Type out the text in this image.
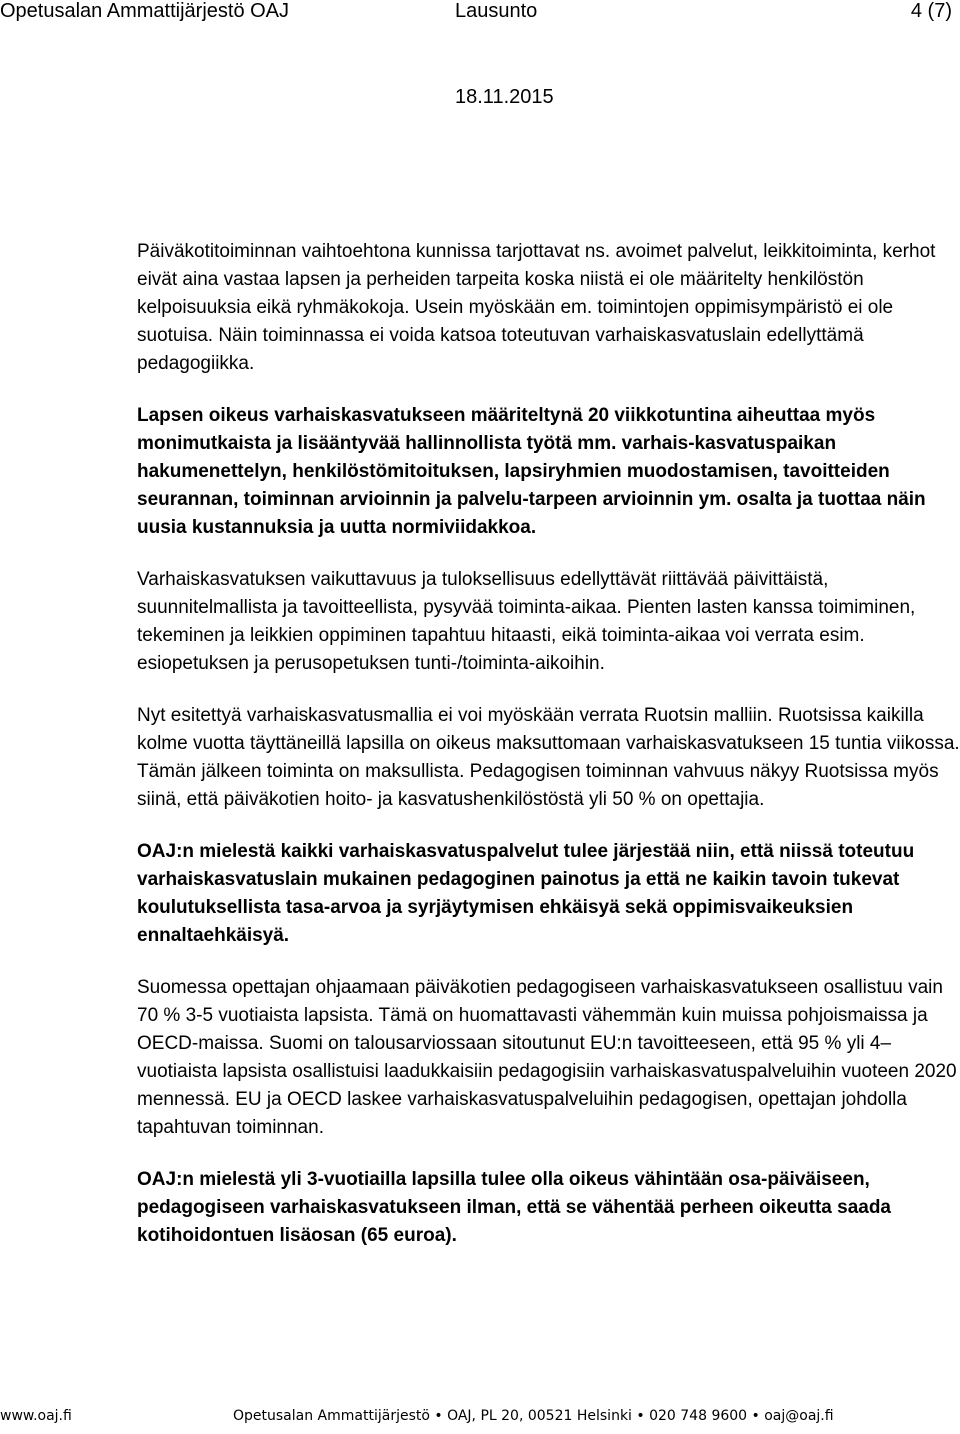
Opetusalan Ammattijärjestö OAJ	Lausunto	4 (7)
18.11.2015

Päiväkotitoiminnan vaihtoehtona kunnissa tarjottavat ns. avoimet palvelut, leikkitoiminta, kerhot eivät aina vastaa lapsen ja perheiden tarpeita koska niistä ei ole määritelty henkilöstön kelpoisuuksia eikä ryhmäkokoja. Usein myöskään em. toimintojen oppimisympäristö ei ole suotuisa. Näin toiminnassa ei voida katsoa toteutuvan varhaiskasvatuslain edellyttämä pedagogiikka.

Lapsen oikeus varhaiskasvatukseen määriteltynä 20 viikkotuntina aiheuttaa myös monimutkaista ja lisääntyvää hallinnollista työtä mm. varhais-kasvatuspaikan hakumenettelyn, henkilöstömitoituksen, lapsiryhmien muodostamisen, tavoitteiden seurannan, toiminnan arvioinnin ja palvelu-tarpeen arvioinnin ym. osalta ja tuottaa näin uusia kustannuksia ja uutta normiviidakkoa.

Varhaiskasvatuksen vaikuttavuus ja tuloksellisuus edellyttävät riittävää päivittäistä, suunnitelmallista ja tavoitteellista, pysyvää toiminta-aikaa. Pienten lasten kanssa toimiminen, tekeminen ja leikkien oppiminen tapahtuu hitaasti, eikä toiminta-aikaa voi verrata esim. esiopetuksen ja perusopetuksen tunti-/toiminta-aikoihin.

Nyt esitettyä varhaiskasvatusmallia ei voi myöskään verrata Ruotsin malliin. Ruotsissa kaikilla kolme vuotta täyttäneillä lapsilla on oikeus maksuttomaan varhaiskasvatukseen 15 tuntia viikossa. Tämän jälkeen toiminta on maksullista. Pedagogisen toiminnan vahvuus näkyy Ruotsissa myös siinä, että päiväkotien hoito- ja kasvatushenkilöstöstä yli 50 % on opettajia.

OAJ:n mielestä kaikki varhaiskasvatuspalvelut tulee järjestää niin, että niissä toteutuu varhaiskasvatuslain mukainen pedagoginen painotus ja että ne kaikin tavoin tukevat koulutuksellista tasa-arvoa ja syrjäytymisen ehkäisyä sekä oppimisvaikeuksien ennaltaehkäisyä.

Suomessa opettajan ohjaamaan päiväkotien pedagogiseen varhaiskasvatukseen osallistuu vain 70 % 3-5 vuotiaista lapsista. Tämä on huomattavasti vähemmän kuin muissa pohjoismaissa ja OECD-maissa. Suomi on talousarviossaan sitoutunut EU:n tavoitteeseen, että 95 % yli 4–vuotiaista lapsista osallistuisi laadukkaisiin pedagogisiin varhaiskasvatuspalveluihin vuoteen 2020 mennessä. EU ja OECD laskee varhaiskasvatuspalveluihin pedagogisen, opettajan johdolla tapahtuvan toiminnan.

OAJ:n mielestä yli 3-vuotiailla lapsilla tulee olla oikeus vähintään osa-päiväiseen, pedagogiseen varhaiskasvatukseen ilman, että se vähentää perheen oikeutta saada kotihoidontuen lisäosan (65 euroa).

www.oaj.fi	Opetusalan Ammattijärjestö • OAJ, PL 20, 00521 Helsinki • 020 748 9600 • oaj@oaj.fi
